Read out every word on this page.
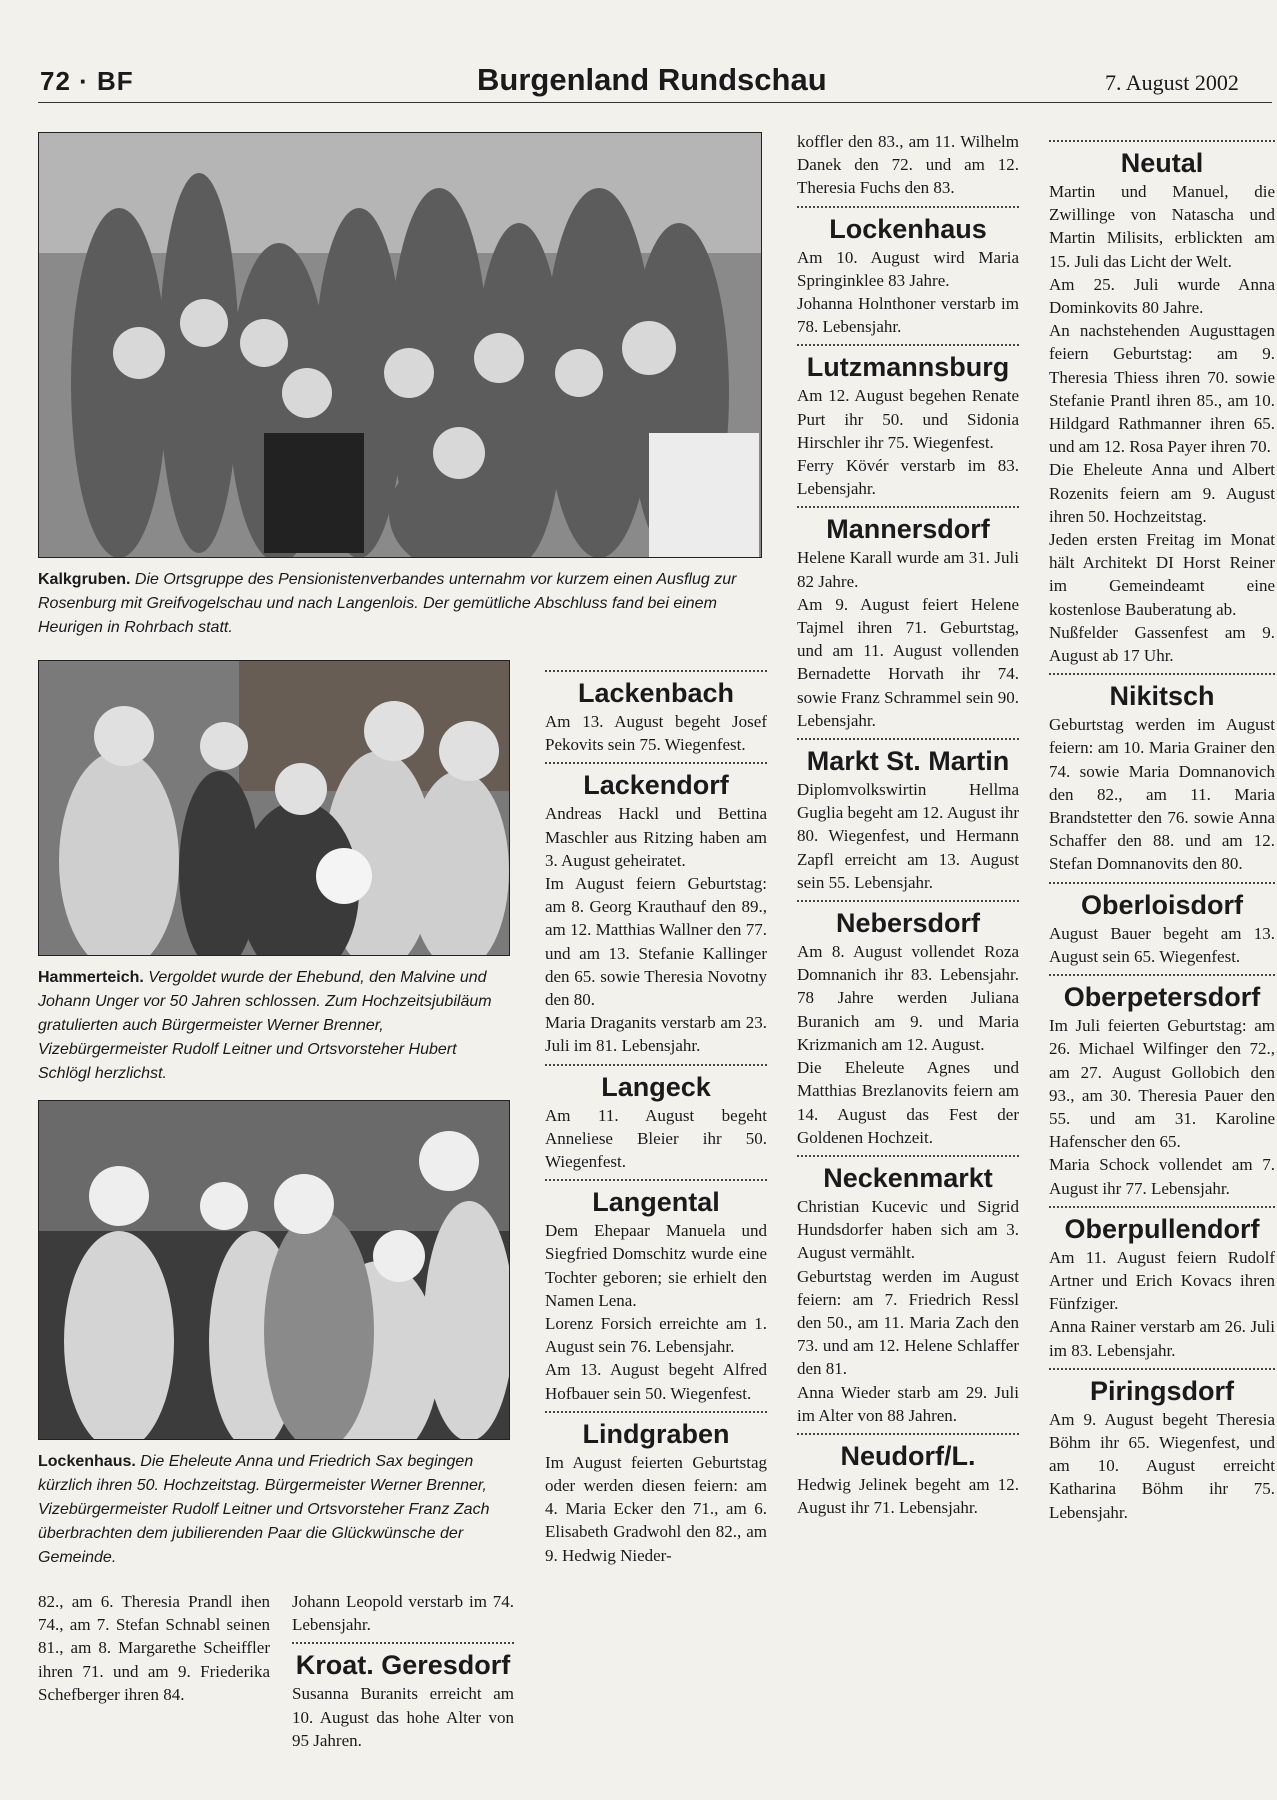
72 · BF	Burgenland Rundschau	7. August 2002
Kalkgruben. Die Ortsgruppe des Pensionistenverbandes unternahm vor kurzem einen Ausflug zur Rosenburg mit Greifvogelschau und nach Langenlois. Der gemütliche Abschluss fand bei einem Heurigen in Rohrbach statt.
Hammerteich. Vergoldet wurde der Ehebund, den Malvine und Johann Unger vor 50 Jahren schlossen. Zum Hochzeitsjubiläum gratulierten auch Bürgermeister Werner Brenner, Vizebürgermeister Rudolf Leitner und Ortsvorsteher Hubert Schlögl herzlichst.
Lockenhaus. Die Eheleute Anna und Friedrich Sax begingen kürzlich ihren 50. Hochzeitstag. Bürgermeister Werner Brenner, Vizebürgermeister Rudolf Leitner und Ortsvorsteher Franz Zach überbrachten dem jubilierenden Paar die Glückwünsche der Gemeinde.

82., am 6. Theresia Prandl ihen 74., am 7. Stefan Schnabl seinen 81., am 8. Margarethe Scheiffler ihren 71. und am 9. Friederika Schefberger ihren 84.

Johann Leopold verstarb im 74. Lebensjahr.

Kroat. Geresdorf

Susanna Buranits erreicht am 10. August das hohe Alter von 95 Jahren.

Lackenbach

Am 13. August begeht Josef Pekovits sein 75. Wiegenfest.

Lackendorf

Andreas Hackl und Bettina Maschler aus Ritzing haben am 3. August geheiratet.

Im August feiern Geburtstag: am 8. Georg Krauthauf den 89., am 12. Matthias Wallner den 77. und am 13. Stefanie Kallinger den 65. sowie Theresia Novotny den 80.

Maria Draganits verstarb am 23. Juli im 81. Lebensjahr.

Langeck

Am 11. August begeht Anneliese Bleier ihr 50. Wiegenfest.

Langental

Dem Ehepaar Manuela und Siegfried Domschitz wurde eine Tochter geboren; sie erhielt den Namen Lena.

Lorenz Forsich erreichte am 1. August sein 76. Lebensjahr.

Am 13. August begeht Alfred Hofbauer sein 50. Wiegenfest.

Lindgraben

Im August feierten Geburtstag oder werden diesen feiern: am 4. Maria Ecker den 71., am 6. Elisabeth Gradwohl den 82., am 9. Hedwig Nieder-

koffler den 83., am 11. Wilhelm Danek den 72. und am 12. Theresia Fuchs den 83.

Lockenhaus

Am 10. August wird Maria Springinklee 83 Jahre.

Johanna Holnthoner verstarb im 78. Lebensjahr.

Lutzmannsburg

Am 12. August begehen Renate Purt ihr 50. und Sidonia Hirschler ihr 75. Wiegenfest.

Ferry Kövér verstarb im 83. Lebensjahr.

Mannersdorf

Helene Karall wurde am 31. Juli 82 Jahre.

Am 9. August feiert Helene Tajmel ihren 71. Geburtstag, und am 11. August vollenden Bernadette Horvath ihr 74. sowie Franz Schrammel sein 90. Lebensjahr.

Markt St. Martin

Diplomvolkswirtin Hellma Guglia begeht am 12. August ihr 80. Wiegenfest, und Hermann Zapfl erreicht am 13. August sein 55. Lebensjahr.

Nebersdorf

Am 8. August vollendet Roza Domnanich ihr 83. Lebensjahr. 78 Jahre werden Juliana Buranich am 9. und Maria Krizmanich am 12. August.

Die Eheleute Agnes und Matthias Brezlanovits feiern am 14. August das Fest der Goldenen Hochzeit.

Neckenmarkt

Christian Kucevic und Sigrid Hundsdorfer haben sich am 3. August vermählt.

Geburtstag werden im August feiern: am 7. Friedrich Ressl den 50., am 11. Maria Zach den 73. und am 12. Helene Schlaffer den 81.

Anna Wieder starb am 29. Juli im Alter von 88 Jahren.

Neudorf/L.

Hedwig Jelinek begeht am 12. August ihr 71. Lebensjahr.

Neutal

Martin und Manuel, die Zwillinge von Natascha und Martin Milisits, erblickten am 15. Juli das Licht der Welt.

Am 25. Juli wurde Anna Dominkovits 80 Jahre.

An nachstehenden Augusttagen feiern Geburtstag: am 9. Theresia Thiess ihren 70. sowie Stefanie Prantl ihren 85., am 10. Hildgard Rathmanner ihren 65. und am 12. Rosa Payer ihren 70.

Die Eheleute Anna und Albert Rozenits feiern am 9. August ihren 50. Hochzeitstag.

Jeden ersten Freitag im Monat hält Architekt DI Horst Reiner im Gemeindeamt eine kostenlose Bauberatung ab.

Nußfelder Gassenfest am 9. August ab 17 Uhr.

Nikitsch

Geburtstag werden im August feiern: am 10. Maria Grainer den 74. sowie Maria Domnanovich den 82., am 11. Maria Brandstetter den 76. sowie Anna Schaffer den 88. und am 12. Stefan Domnanovits den 80.

Oberloisdorf

August Bauer begeht am 13. August sein 65. Wiegenfest.

Oberpetersdorf

Im Juli feierten Geburtstag: am 26. Michael Wilfinger den 72., am 27. August Gollobich den 93., am 30. Theresia Pauer den 55. und am 31. Karoline Hafenscher den 65.

Maria Schock vollendet am 7. August ihr 77. Lebensjahr.

Oberpullendorf

Am 11. August feiern Rudolf Artner und Erich Kovacs ihren Fünfziger.

Anna Rainer verstarb am 26. Juli im 83. Lebensjahr.

Piringsdorf

Am 9. August begeht Theresia Böhm ihr 65. Wiegenfest, und am 10. August erreicht Katharina Böhm ihr 75. Lebensjahr.
